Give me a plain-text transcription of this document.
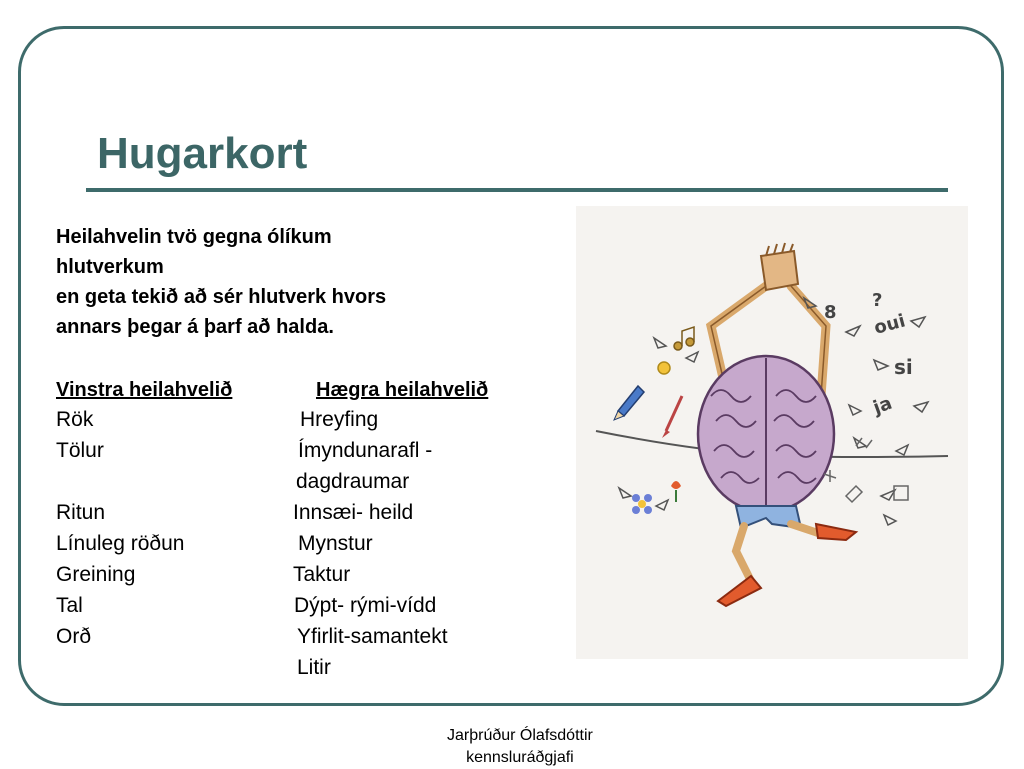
Hugarkort
Heilahvelin tvö gegna ólíkum
hlutverkum
en geta tekið að sér hlutverk hvors
annars þegar á þarf að halda.
Vinstra heilahvelið	Hægra heilahvelið
Rök
Tölur
Ritun
Línuleg röðun
Greining
Tal
Orð
Hreyfing
Ímyndunarafl -
dagdraumar
Innsæi- heild
Mynstur
Taktur
Dýpt- rými-vídd
Yfirlit-samantekt
Litir
8 oui
?
si
ja
Jarþrúður Ólafsdóttir
kennsluráðgjafi
